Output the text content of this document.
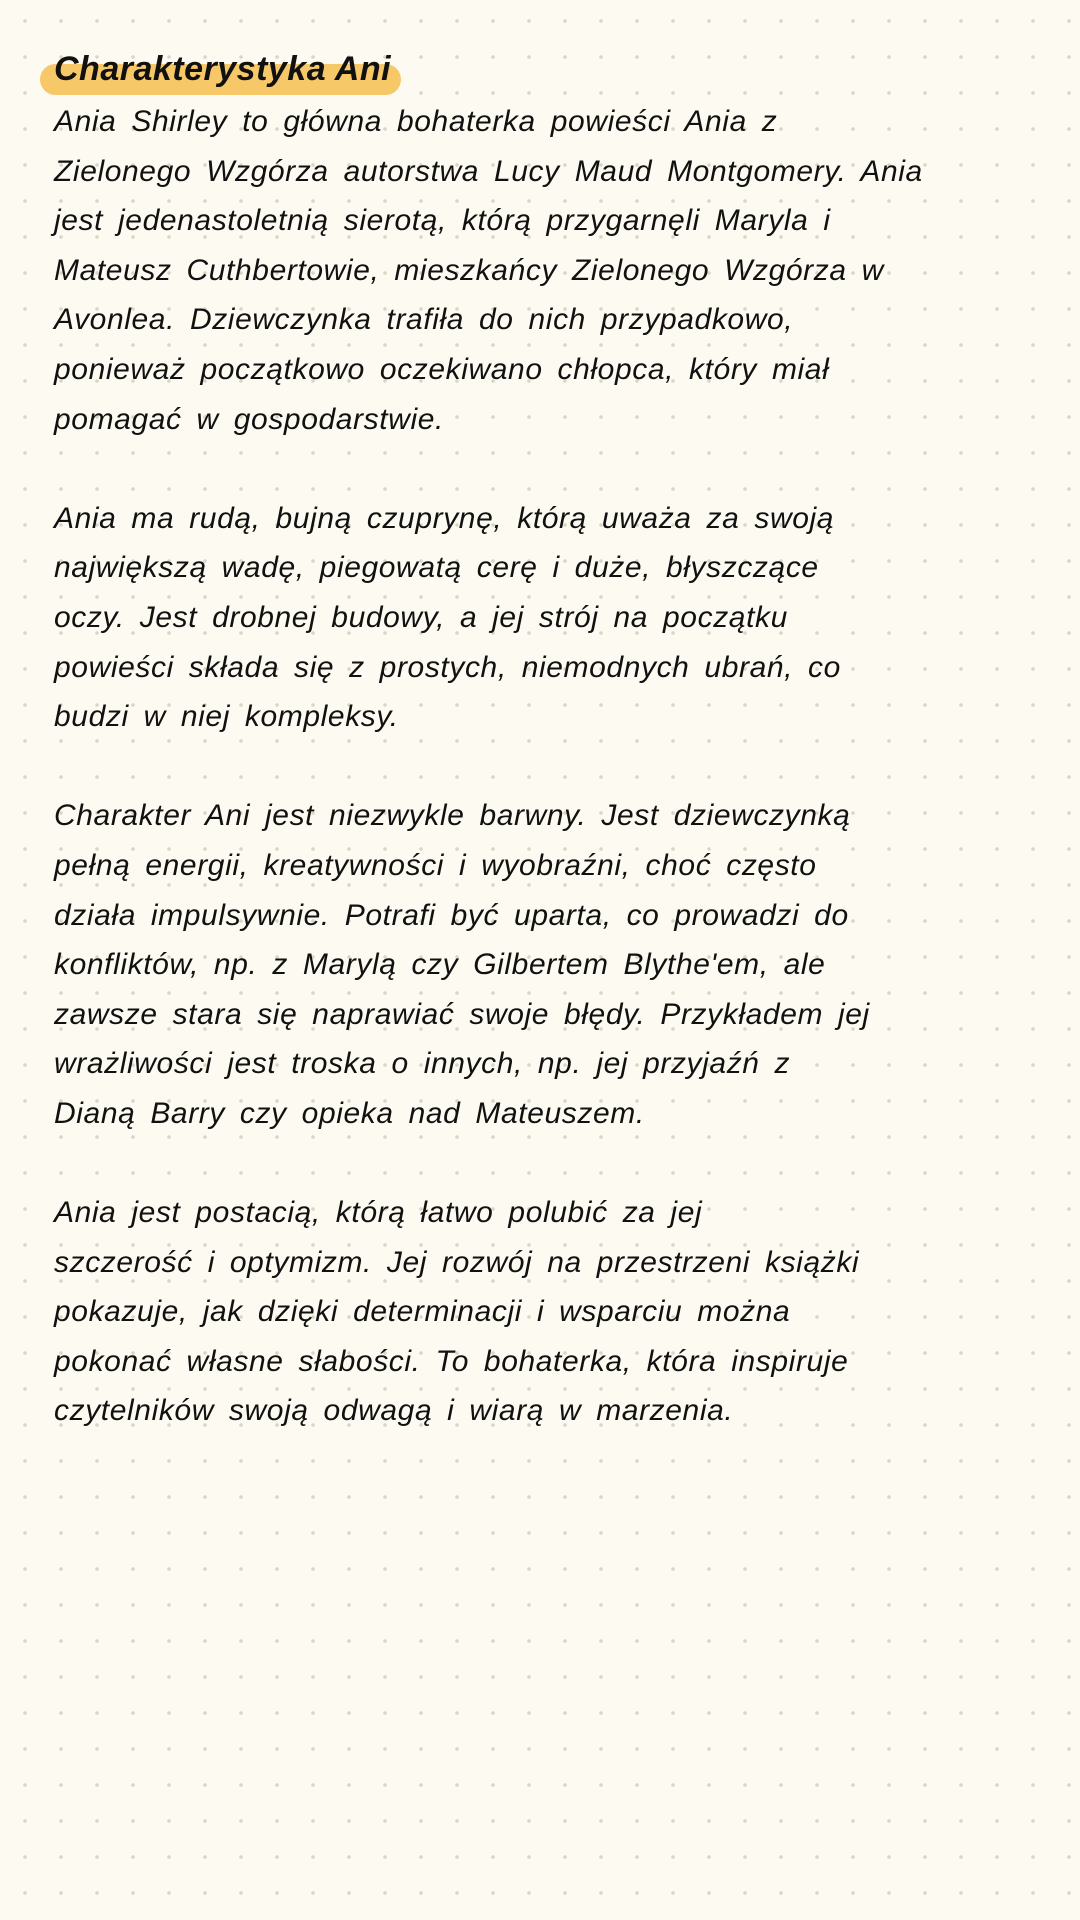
Charakterystyka Ani
Ania Shirley to główna bohaterka powieści Ania z
Zielonego Wzgórza autorstwa Lucy Maud Montgomery. Ania
jest jedenastoletnią sierotą, którą przygarnęli Maryla i
Mateusz Cuthbertowie, mieszkańcy Zielonego Wzgórza w
Avonlea. Dziewczynka trafiła do nich przypadkowo,
ponieważ początkowo oczekiwano chłopca, który miał
pomagać w gospodarstwie.
Ania ma rudą, bujną czuprynę, którą uważa za swoją
największą wadę, piegowatą cerę i duże, błyszczące
oczy. Jest drobnej budowy, a jej strój na początku
powieści składa się z prostych, niemodnych ubrań, co
budzi w niej kompleksy.
Charakter Ani jest niezwykle barwny. Jest dziewczynką
pełną energii, kreatywności i wyobraźni, choć często
działa impulsywnie. Potrafi być uparta, co prowadzi do
konfliktów, np. z Marylą czy Gilbertem Blythe'em, ale
zawsze stara się naprawiać swoje błędy. Przykładem jej
wrażliwości jest troska o innych, np. jej przyjaźń z
Dianą Barry czy opieka nad Mateuszem.
Ania jest postacią, którą łatwo polubić za jej
szczerość i optymizm. Jej rozwój na przestrzeni książki
pokazuje, jak dzięki determinacji i wsparciu można
pokonać własne słabości. To bohaterka, która inspiruje
czytelników swoją odwagą i wiarą w marzenia.
